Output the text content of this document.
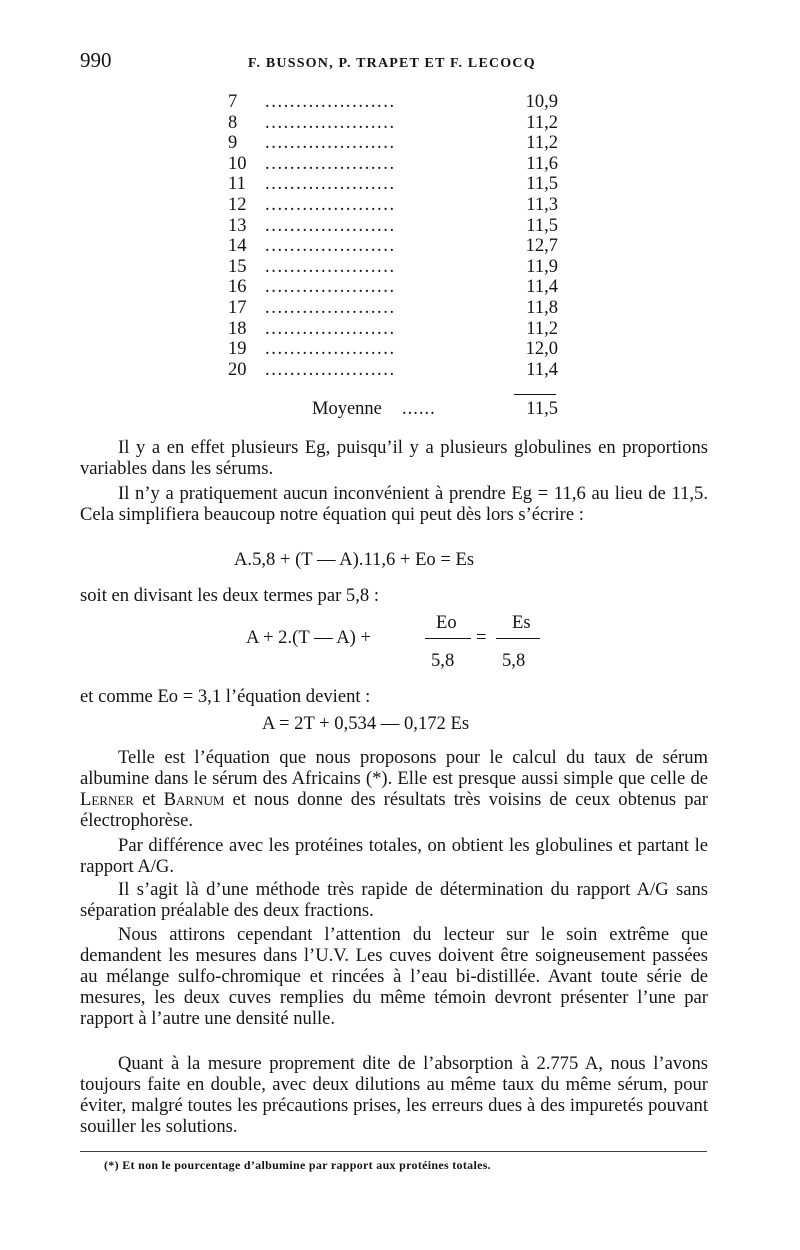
990	F. BUSSON, P. TRAPET ET F. LECOCQ
7 .....................	10,9
8 .....................	11,2
9 .....................	11,2
10 .....................	11,6
11 .....................	11,5
12 .....................	11,3
13 .....................	11,5
14 .....................	12,7
15 .....................	11,9
16 .....................	11,4
17 .....................	11,8
18 .....................	11,2
19 .....................	12,0
20 .....................	11,4
Moyenne ......	11,5

Il y a en effet plusieurs Eg, puisqu’il y a plusieurs globulines en proportions variables dans les sérums.

Il n’y a pratiquement aucun inconvénient à prendre Eg = 11,6 au lieu de 11,5. Cela simplifiera beaucoup notre équation qui peut dès lors s’écrire :

A.5,8 + (T — A).11,6 + Eo = Es

soit en divisant les deux termes par 5,8 :

A + 2.(T — A) +
Eo
5,8
=
Es
5,8

et comme Eo = 3,1 l’équation devient :

A = 2T + 0,534 — 0,172 Es

Telle est l’équation que nous proposons pour le calcul du taux de sérum albumine dans le sérum des Africains (*). Elle est presque aussi simple que celle de Lerner et Barnum et nous donne des résultats très voisins de ceux obtenus par électrophorèse.

Par différence avec les protéines totales, on obtient les globulines et partant le rapport A/G.

Il s’agit là d’une méthode très rapide de détermination du rapport A/G sans séparation préalable des deux fractions.

Nous attirons cependant l’attention du lecteur sur le soin extrême que demandent les mesures dans l’U.V. Les cuves doivent être soigneusement passées au mélange sulfo-chromique et rincées à l’eau bi-distillée. Avant toute série de mesures, les deux cuves remplies du même témoin devront présenter l’une par rapport à l’autre une densité nulle.

Quant à la mesure proprement dite de l’absorption à 2.775 A, nous l’avons toujours faite en double, avec deux dilutions au même taux du même sérum, pour éviter, malgré toutes les précautions prises, les erreurs dues à des impuretés pouvant souiller les solutions.

(*) Et non le pourcentage d’albumine par rapport aux protéines totales.
